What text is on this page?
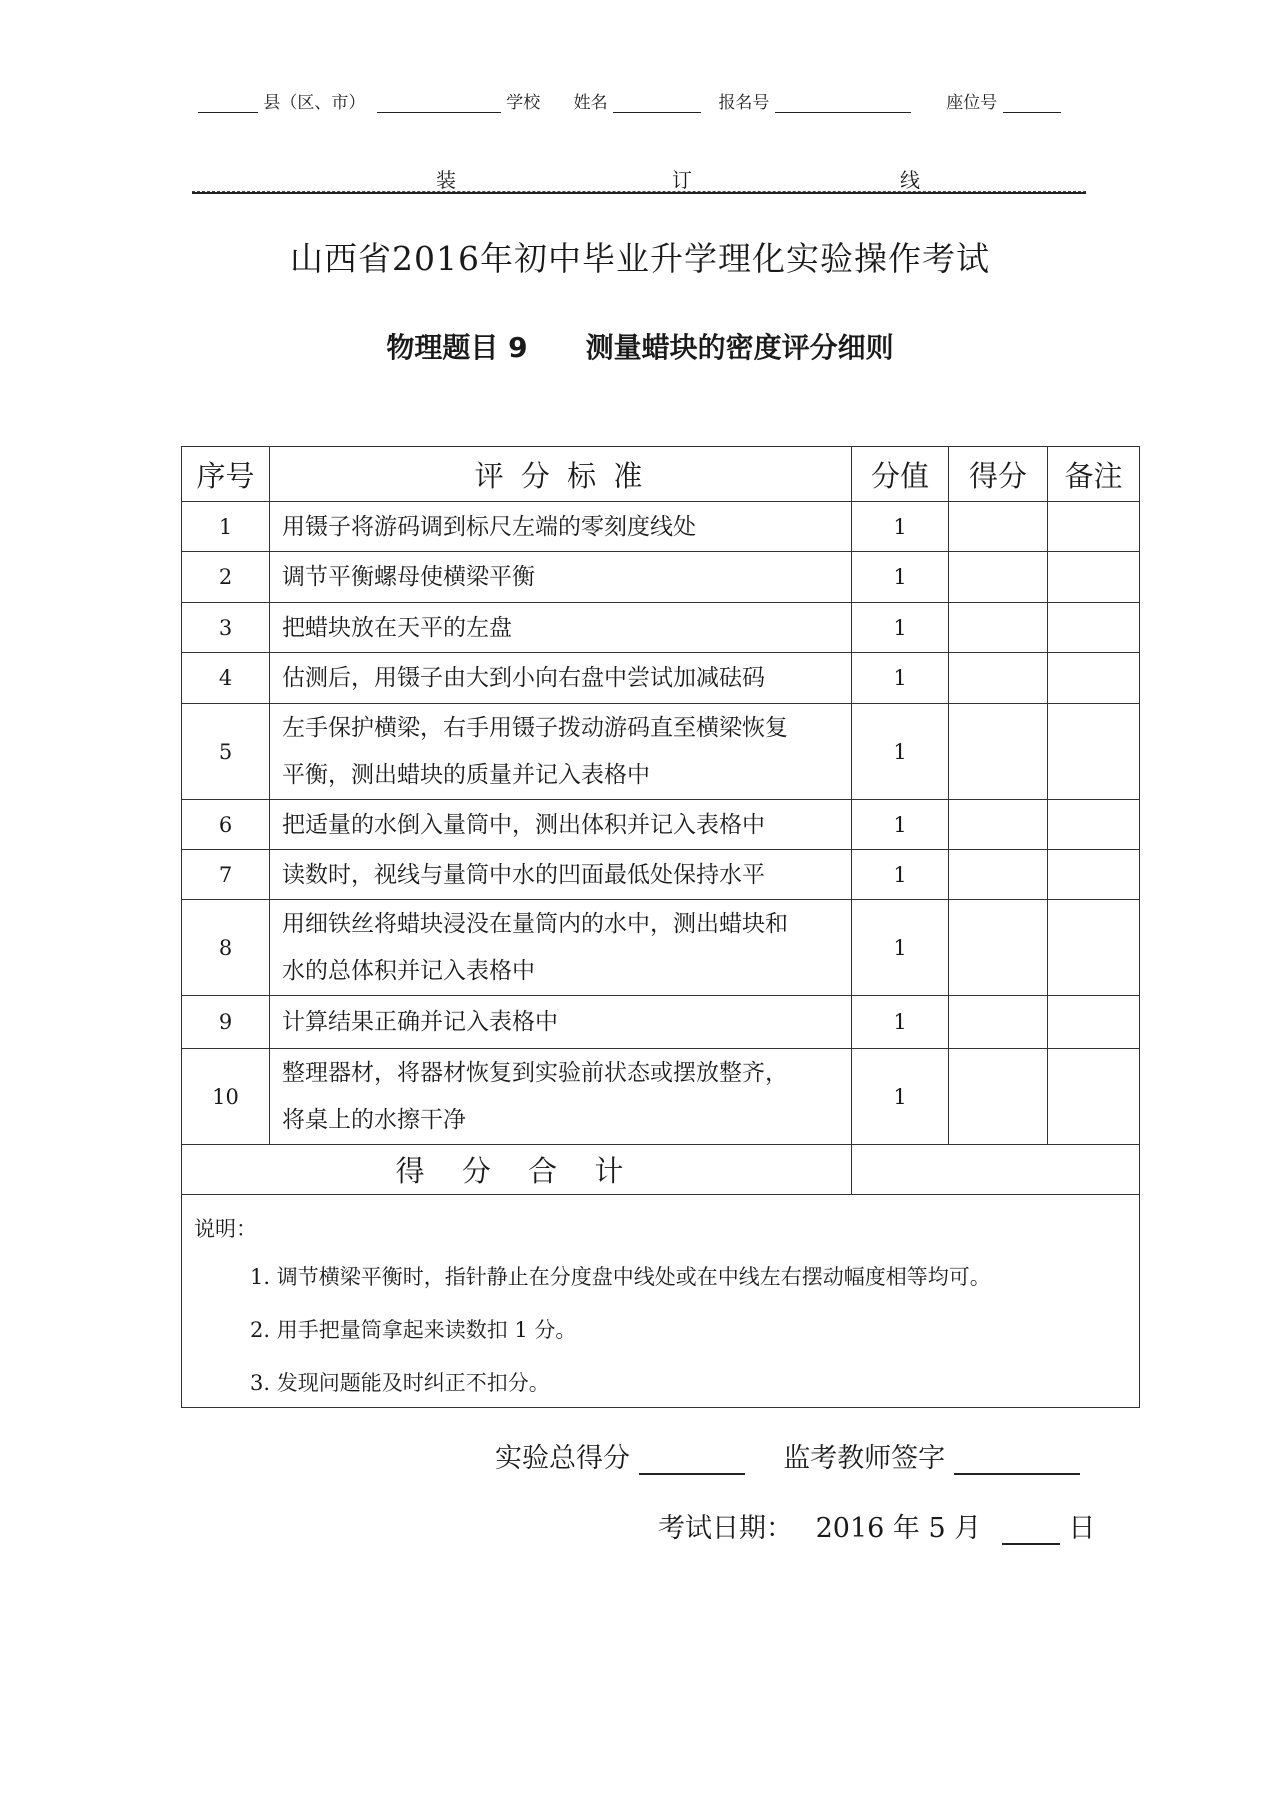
县（区、市）	学校 姓名	报名号	座位号
装	订	线
山西省2016年初中毕业升学理化实验操作考试
物理题目 9 测量蜡块的密度评分细则
序号	评 分 标 准	分值	得分	备注
1	用镊子将游码调到标尺左端的零刻度线处	1		
2	调节平衡螺母使横梁平衡	1		
3	把蜡块放在天平的左盘	1		
4	估测后，用镊子由大到小向右盘中尝试加减砝码	1		
5	左手保护横梁，右手用镊子拨动游码直至横梁恢复
平衡，测出蜡块的质量并记入表格中	1		
6	把适量的水倒入量筒中，测出体积并记入表格中	1		
7	读数时，视线与量筒中水的凹面最低处保持水平	1		
8	用细铁丝将蜡块浸没在量筒内的水中，测出蜡块和
水的总体积并记入表格中	1		
9	计算结果正确并记入表格中	1		
10	整理器材，将器材恢复到实验前状态或摆放整齐，
将桌上的水擦干净	1		
得 分 合 计				

说明：
1. 调节横梁平衡时，指针静止在分度盘中线处或在中线左右摆动幅度相等均可。
2. 用手把量筒拿起来读数扣 1 分。
3. 发现问题能及时纠正不扣分。				
实验总得分	监考教师签字
考试日期： 2016 年 5 月	日
